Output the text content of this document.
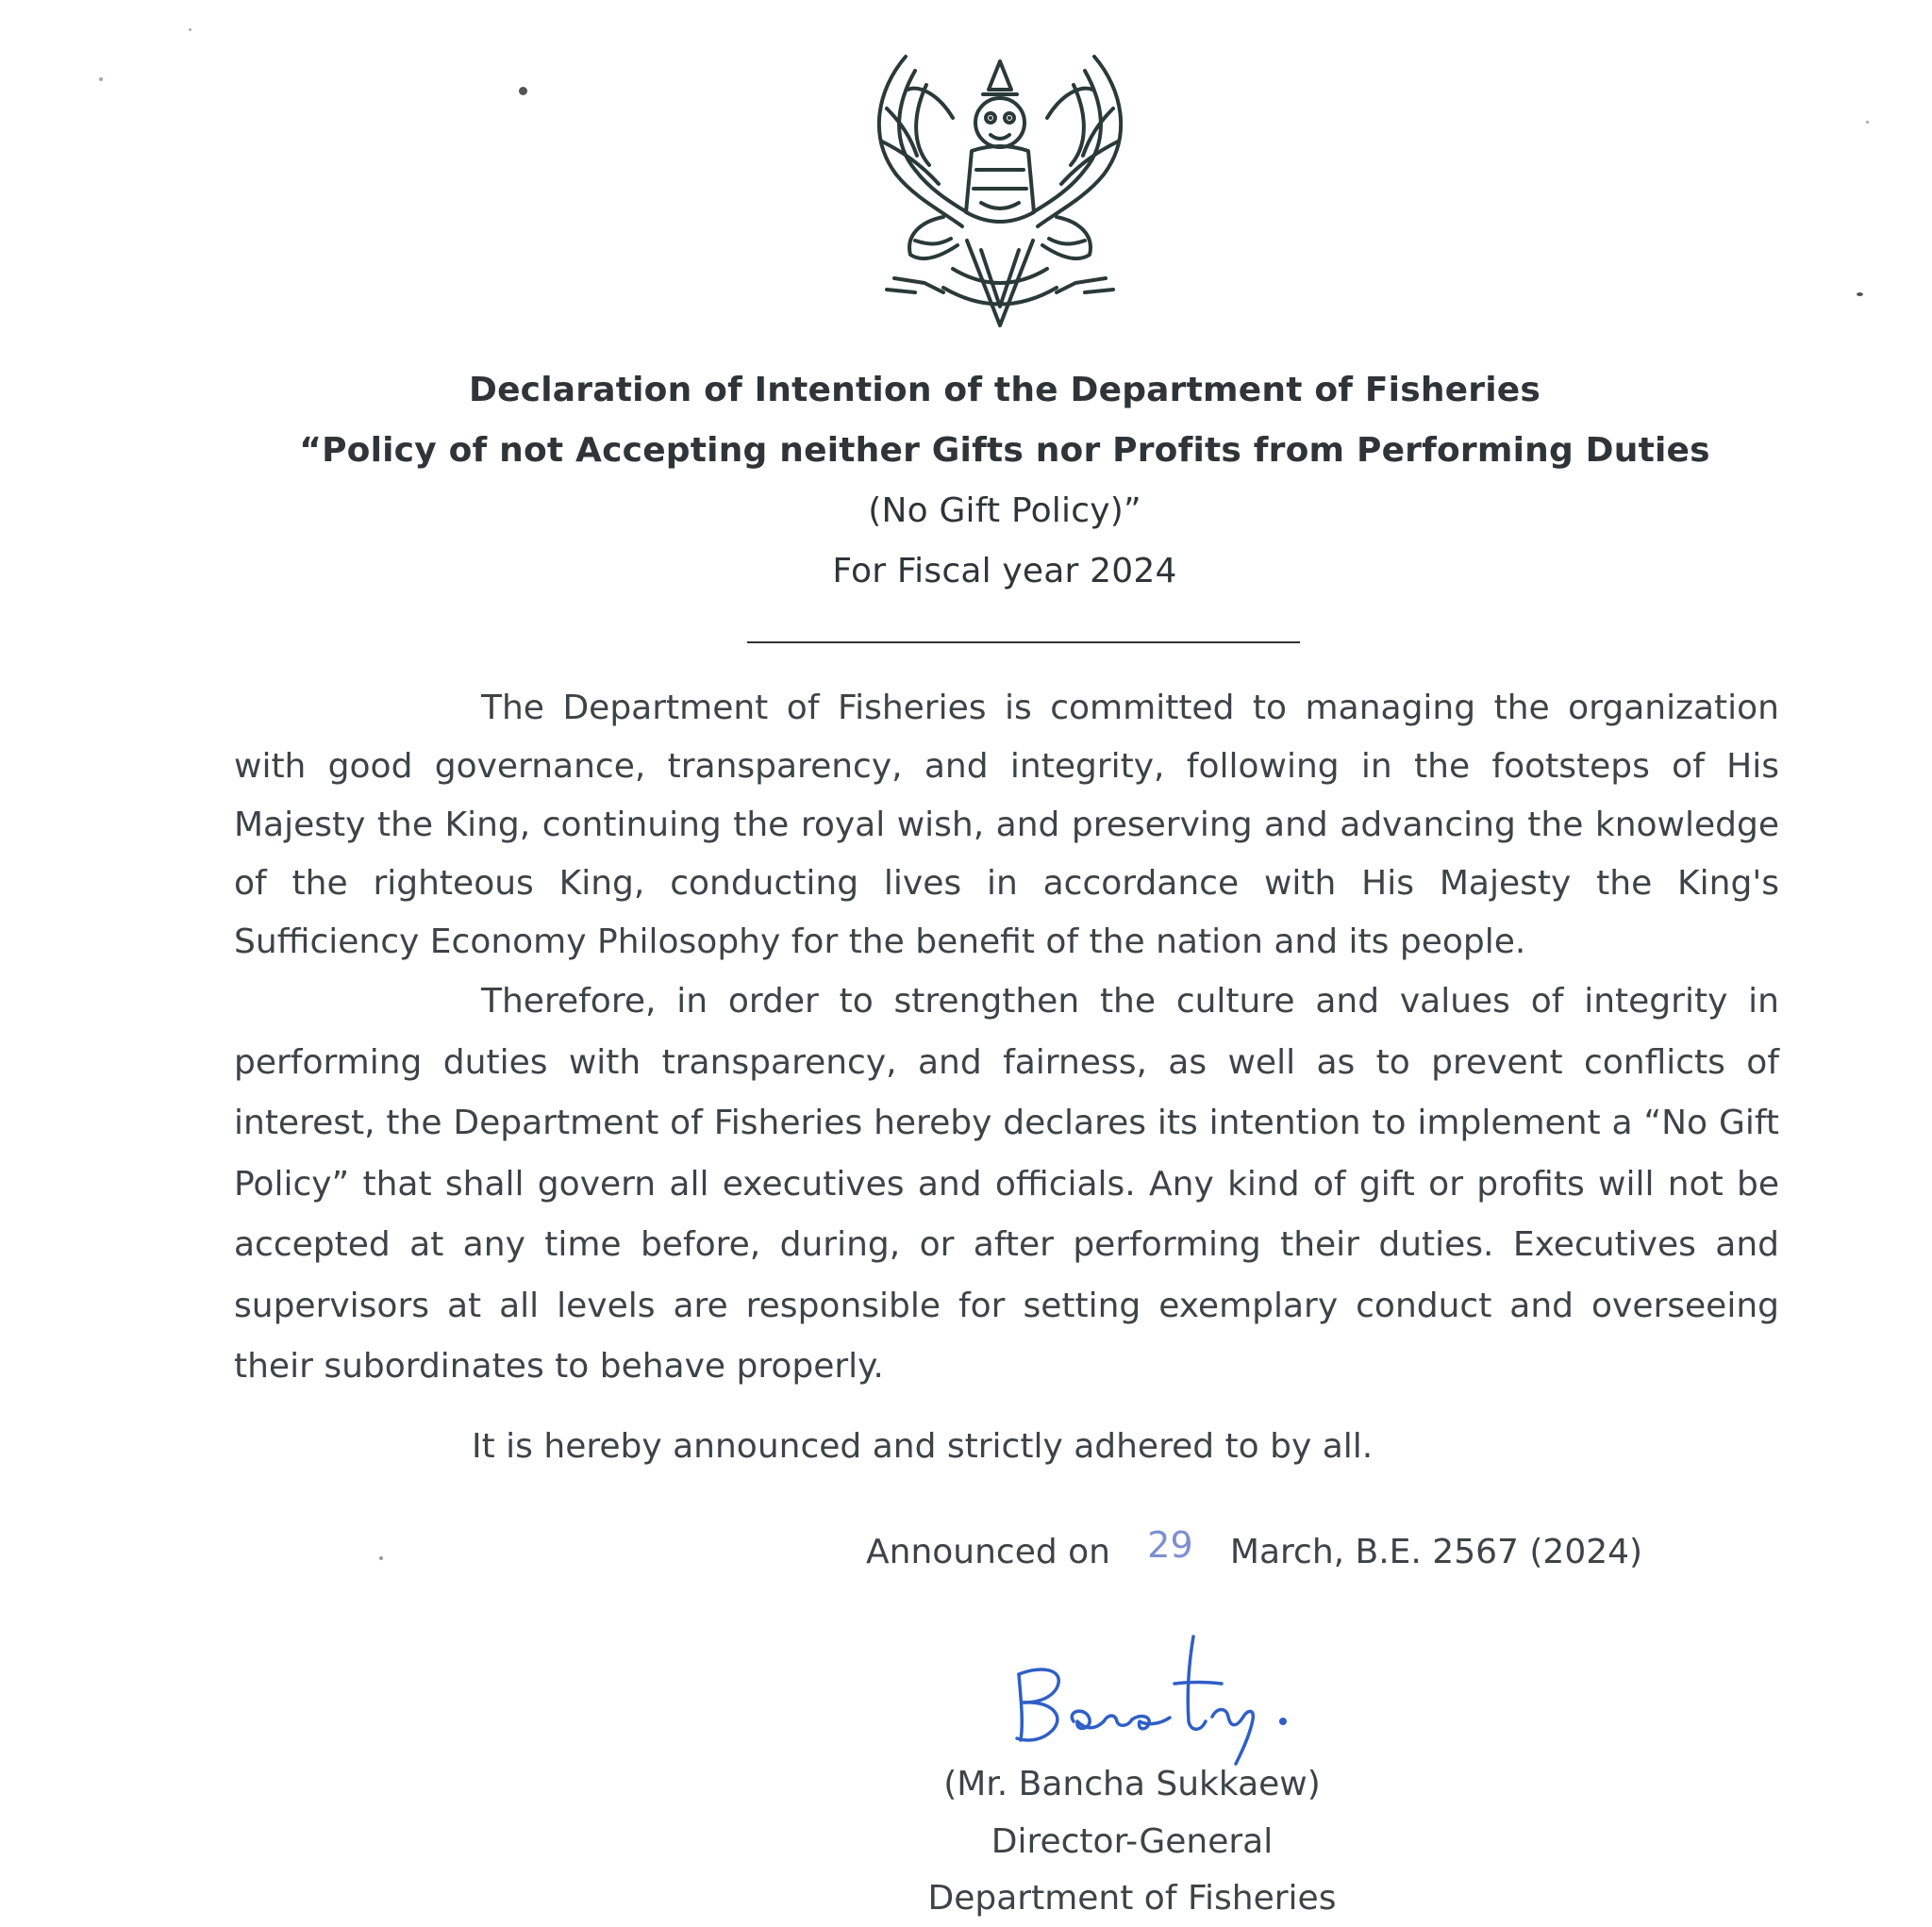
Declaration of Intention of the Department of Fisheries
“Policy of not Accepting neither Gifts nor Profits from Performing Duties
(No Gift Policy)”
For Fiscal year 2024

The Department of Fisheries is committed to managing the organization with good governance, transparency, and integrity, following in the footsteps of His Majesty the King, continuing the royal wish, and preserving and advancing the knowledge of the righteous King, conducting lives in accordance with His Majesty the King's Sufficiency Economy Philosophy for the benefit of the nation and its people.

Therefore, in order to strengthen the culture and values of integrity in performing duties with transparency, and fairness, as well as to prevent conflicts of interest, the Department of Fisheries hereby declares its intention to implement a “No Gift Policy” that shall govern all executives and officials. Any kind of gift or profits will not be accepted at any time before, during, or after performing their duties. Executives and supervisors at all levels are responsible for setting exemplary conduct and overseeing their subordinates to behave properly.

It is hereby announced and strictly adhered to by all.
Announced on 29 March, B.E. 2567 (2024)
(Mr. Bancha Sukkaew)
Director-General
Department of Fisheries
